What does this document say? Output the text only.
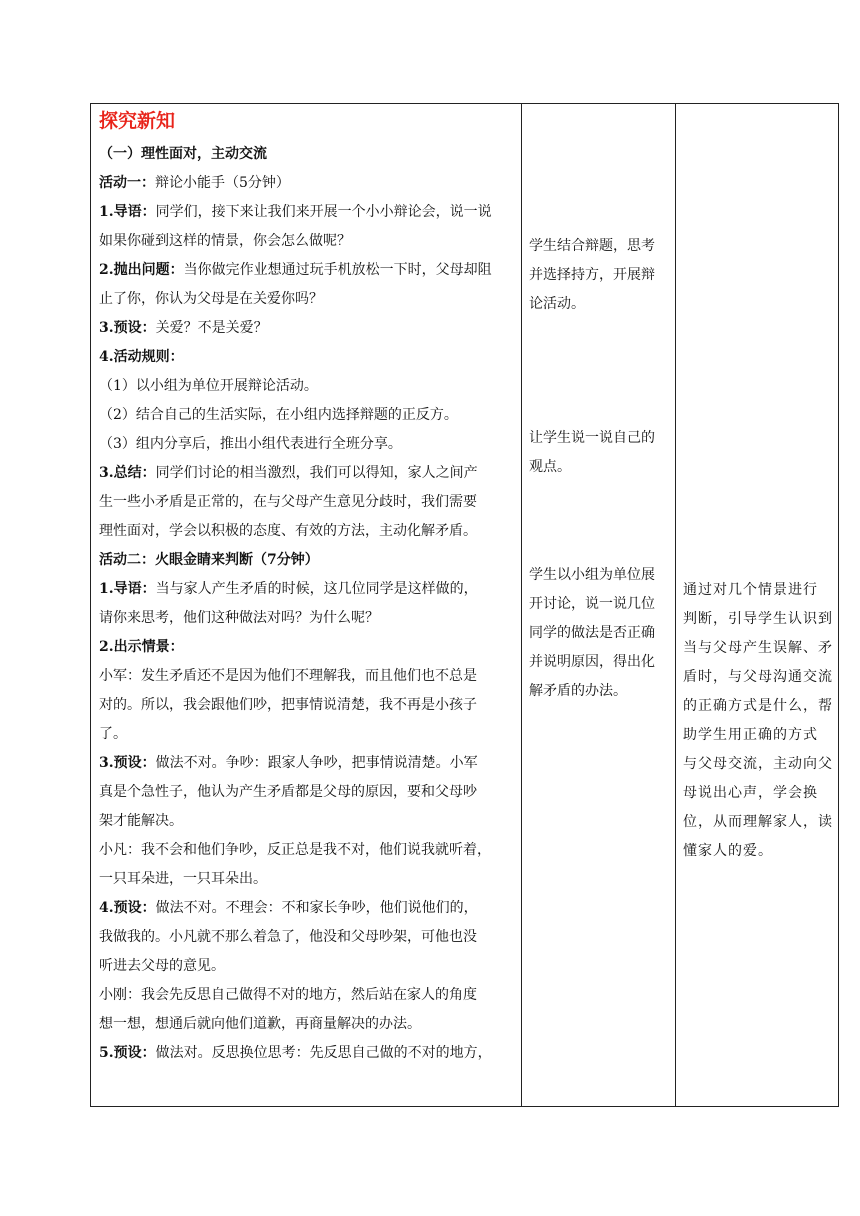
探究新知
（一）理性面对，主动交流
活动一：辩论小能手（5分钟）
1.导语：同学们，接下来让我们来开展一个小小辩论会，说一说
如果你碰到这样的情景，你会怎么做呢？
2.抛出问题：当你做完作业想通过玩手机放松一下时，父母却阻
止了你，你认为父母是在关爱你吗？
3.预设：关爱？不是关爱？
4.活动规则：
（1）以小组为单位开展辩论活动。
（2）结合自己的生活实际，在小组内选择辩题的正反方。
（3）组内分享后，推出小组代表进行全班分享。
3.总结：同学们讨论的相当激烈，我们可以得知，家人之间产
生一些小矛盾是正常的，在与父母产生意见分歧时，我们需要
理性面对，学会以积极的态度、有效的方法，主动化解矛盾。
活动二：火眼金睛来判断（7分钟）
1.导语：当与家人产生矛盾的时候，这几位同学是这样做的，
请你来思考，他们这种做法对吗？为什么呢？
2.出示情景：
小军：发生矛盾还不是因为他们不理解我，而且他们也不总是
对的。所以，我会跟他们吵，把事情说清楚，我不再是小孩子
了。
3.预设：做法不对。争吵：跟家人争吵，把事情说清楚。小军
真是个急性子，他认为产生矛盾都是父母的原因，要和父母吵
架才能解决。
小凡：我不会和他们争吵，反正总是我不对，他们说我就听着，
一只耳朵进，一只耳朵出。
4.预设：做法不对。不理会：不和家长争吵，他们说他们的，
我做我的。小凡就不那么着急了，他没和父母吵架，可他也没
听进去父母的意见。
小刚：我会先反思自己做得不对的地方，然后站在家人的角度
想一想，想通后就向他们道歉，再商量解决的办法。
5.预设：做法对。反思换位思考：先反思自己做的不对的地方，
学生结合辩题，思考
并选择持方，开展辩
论活动。
让学生说一说自己的
观点。
学生以小组为单位展
开讨论，说一说几位
同学的做法是否正确
并说明原因，得出化
解矛盾的办法。
通过对几个情景进行
判断，引导学生认识到
当与父母产生误解、矛
盾时，与父母沟通交流
的正确方式是什么，帮
助学生用正确的方式
与父母交流，主动向父
母说出心声，学会换
位，从而理解家人，读
懂家人的爱。
